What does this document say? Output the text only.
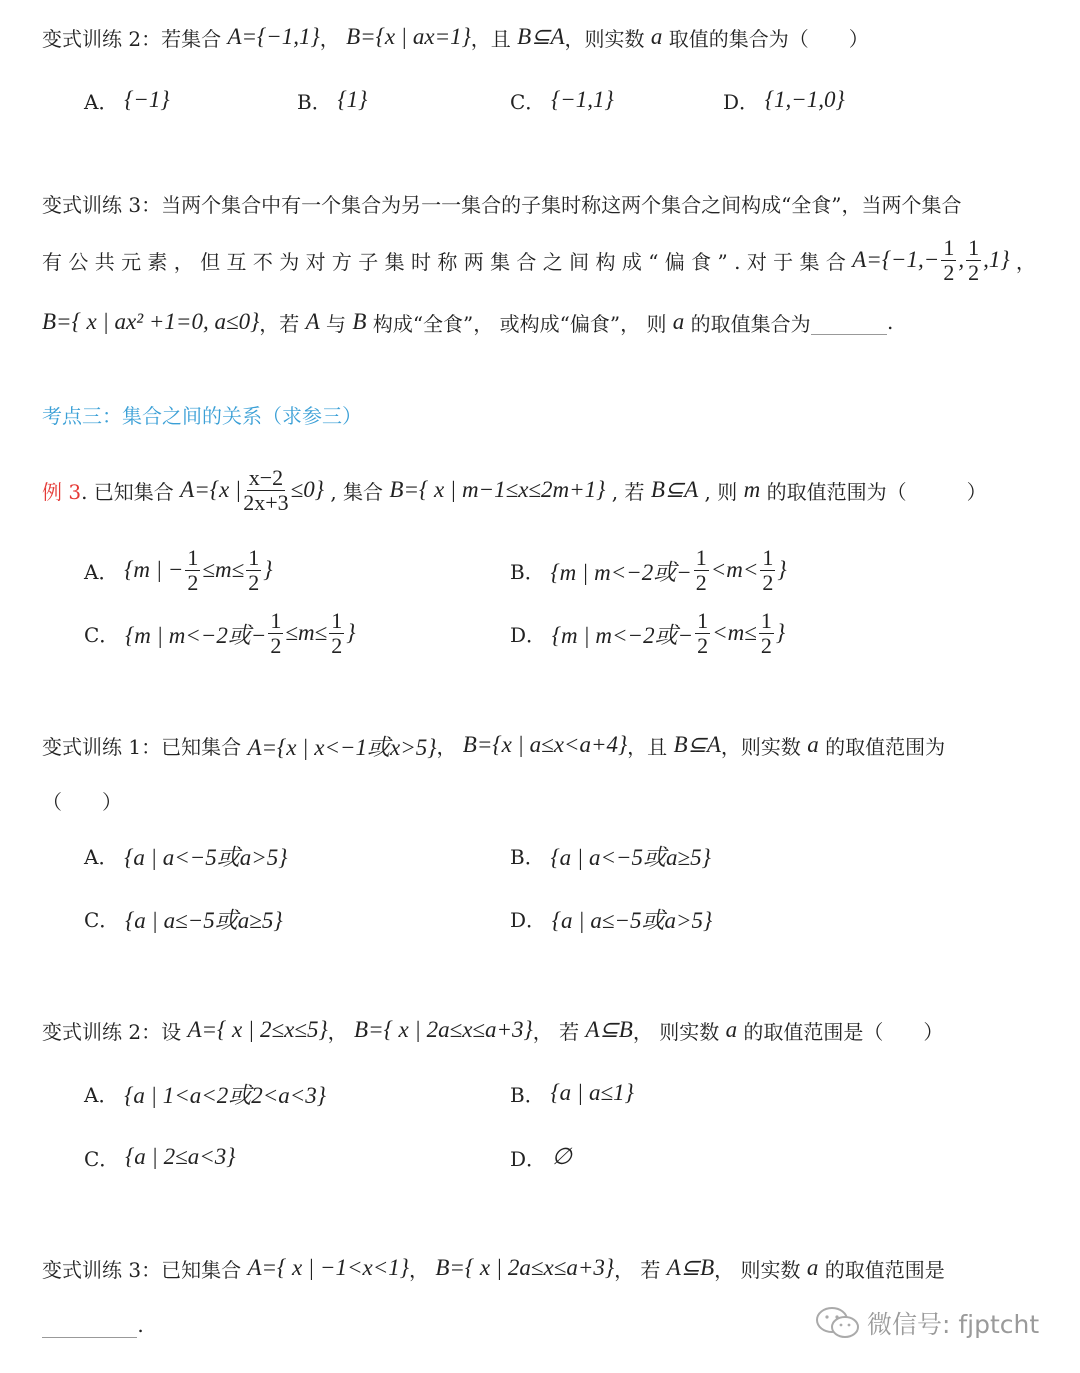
变式训练 2：若集合 A={−1,1} ， B={x | ax=1} ，且 B⊆A ，则实数 a 取值的集合为（　　）
A． {−1}	B． {1}	C． {−1,1}	D． {1,−1,0}
变式训练 3：当两个集合中有一个集合为另一一集合的子集时称这两个集合之间构成“全食”，当两个集合
有 公 共 元 素 ， 但 互 不 为 对 方 子 集 时 称 两 集 合 之 间 构 成 “ 偏 食 ” . 对 于 集 合 $A=\{-1,- \frac{1}{2}$ , $\frac{1}{2} ,1$} ，
B={ x | ax² +1=0, a≤0} ，若 A 与 B 构成“全食”， 或构成“偏食”， 则 a 的取值集合为
	.
考点三：集合之间的关系（求参三）
例 3 . 已知集合 A={x | $\frac{x-2}{2x+3} \le 0$} , 集合 B={ x | m−1≤x≤2m+1} , 若 B⊆A , 则 m 的取值范围为（　　　）
A． {m | − $\frac{1}{2} \le m\le \frac{1}{2}$ }	B． {m | m<−2或− $\frac{1}{2} <m< \frac{1}{2}$ }
C． {m | m<−2或− $\frac{1}{2} \le m\le \frac{1}{2}$ }	D． {m | m<−2或− $\frac{1}{2} <m\le \frac{1}{2}$ }
变式训练 1：已知集合 A={x | x<−1或x>5} ， B={x | a≤x<a+4} ，且 B⊆A ，则实数 a 的取值范围为
（　　）
A． {a | a<−5或a>5}	B． {a | a<−5或a≥5}
C． {a | a≤−5或a≥5}	D． {a | a≤−5或a>5}
变式训练 2：设 A={ x | 2≤x≤5} ， B={ x | 2a≤x≤a+3} ， 若 A⊆B ， 则实数 a 的取值范围是（　　）
A． {a | 1<a<2或2<a<3}	B． {a | a≤1}
C． {a | 2≤a<3}	D． ∅
变式训练 3：已知集合 A={ x | −1<x<1} ， B={ x | 2a≤x≤a+3} ， 若 A⊆B ， 则实数 a 的取值范围是

.	微信号: fjptcht
